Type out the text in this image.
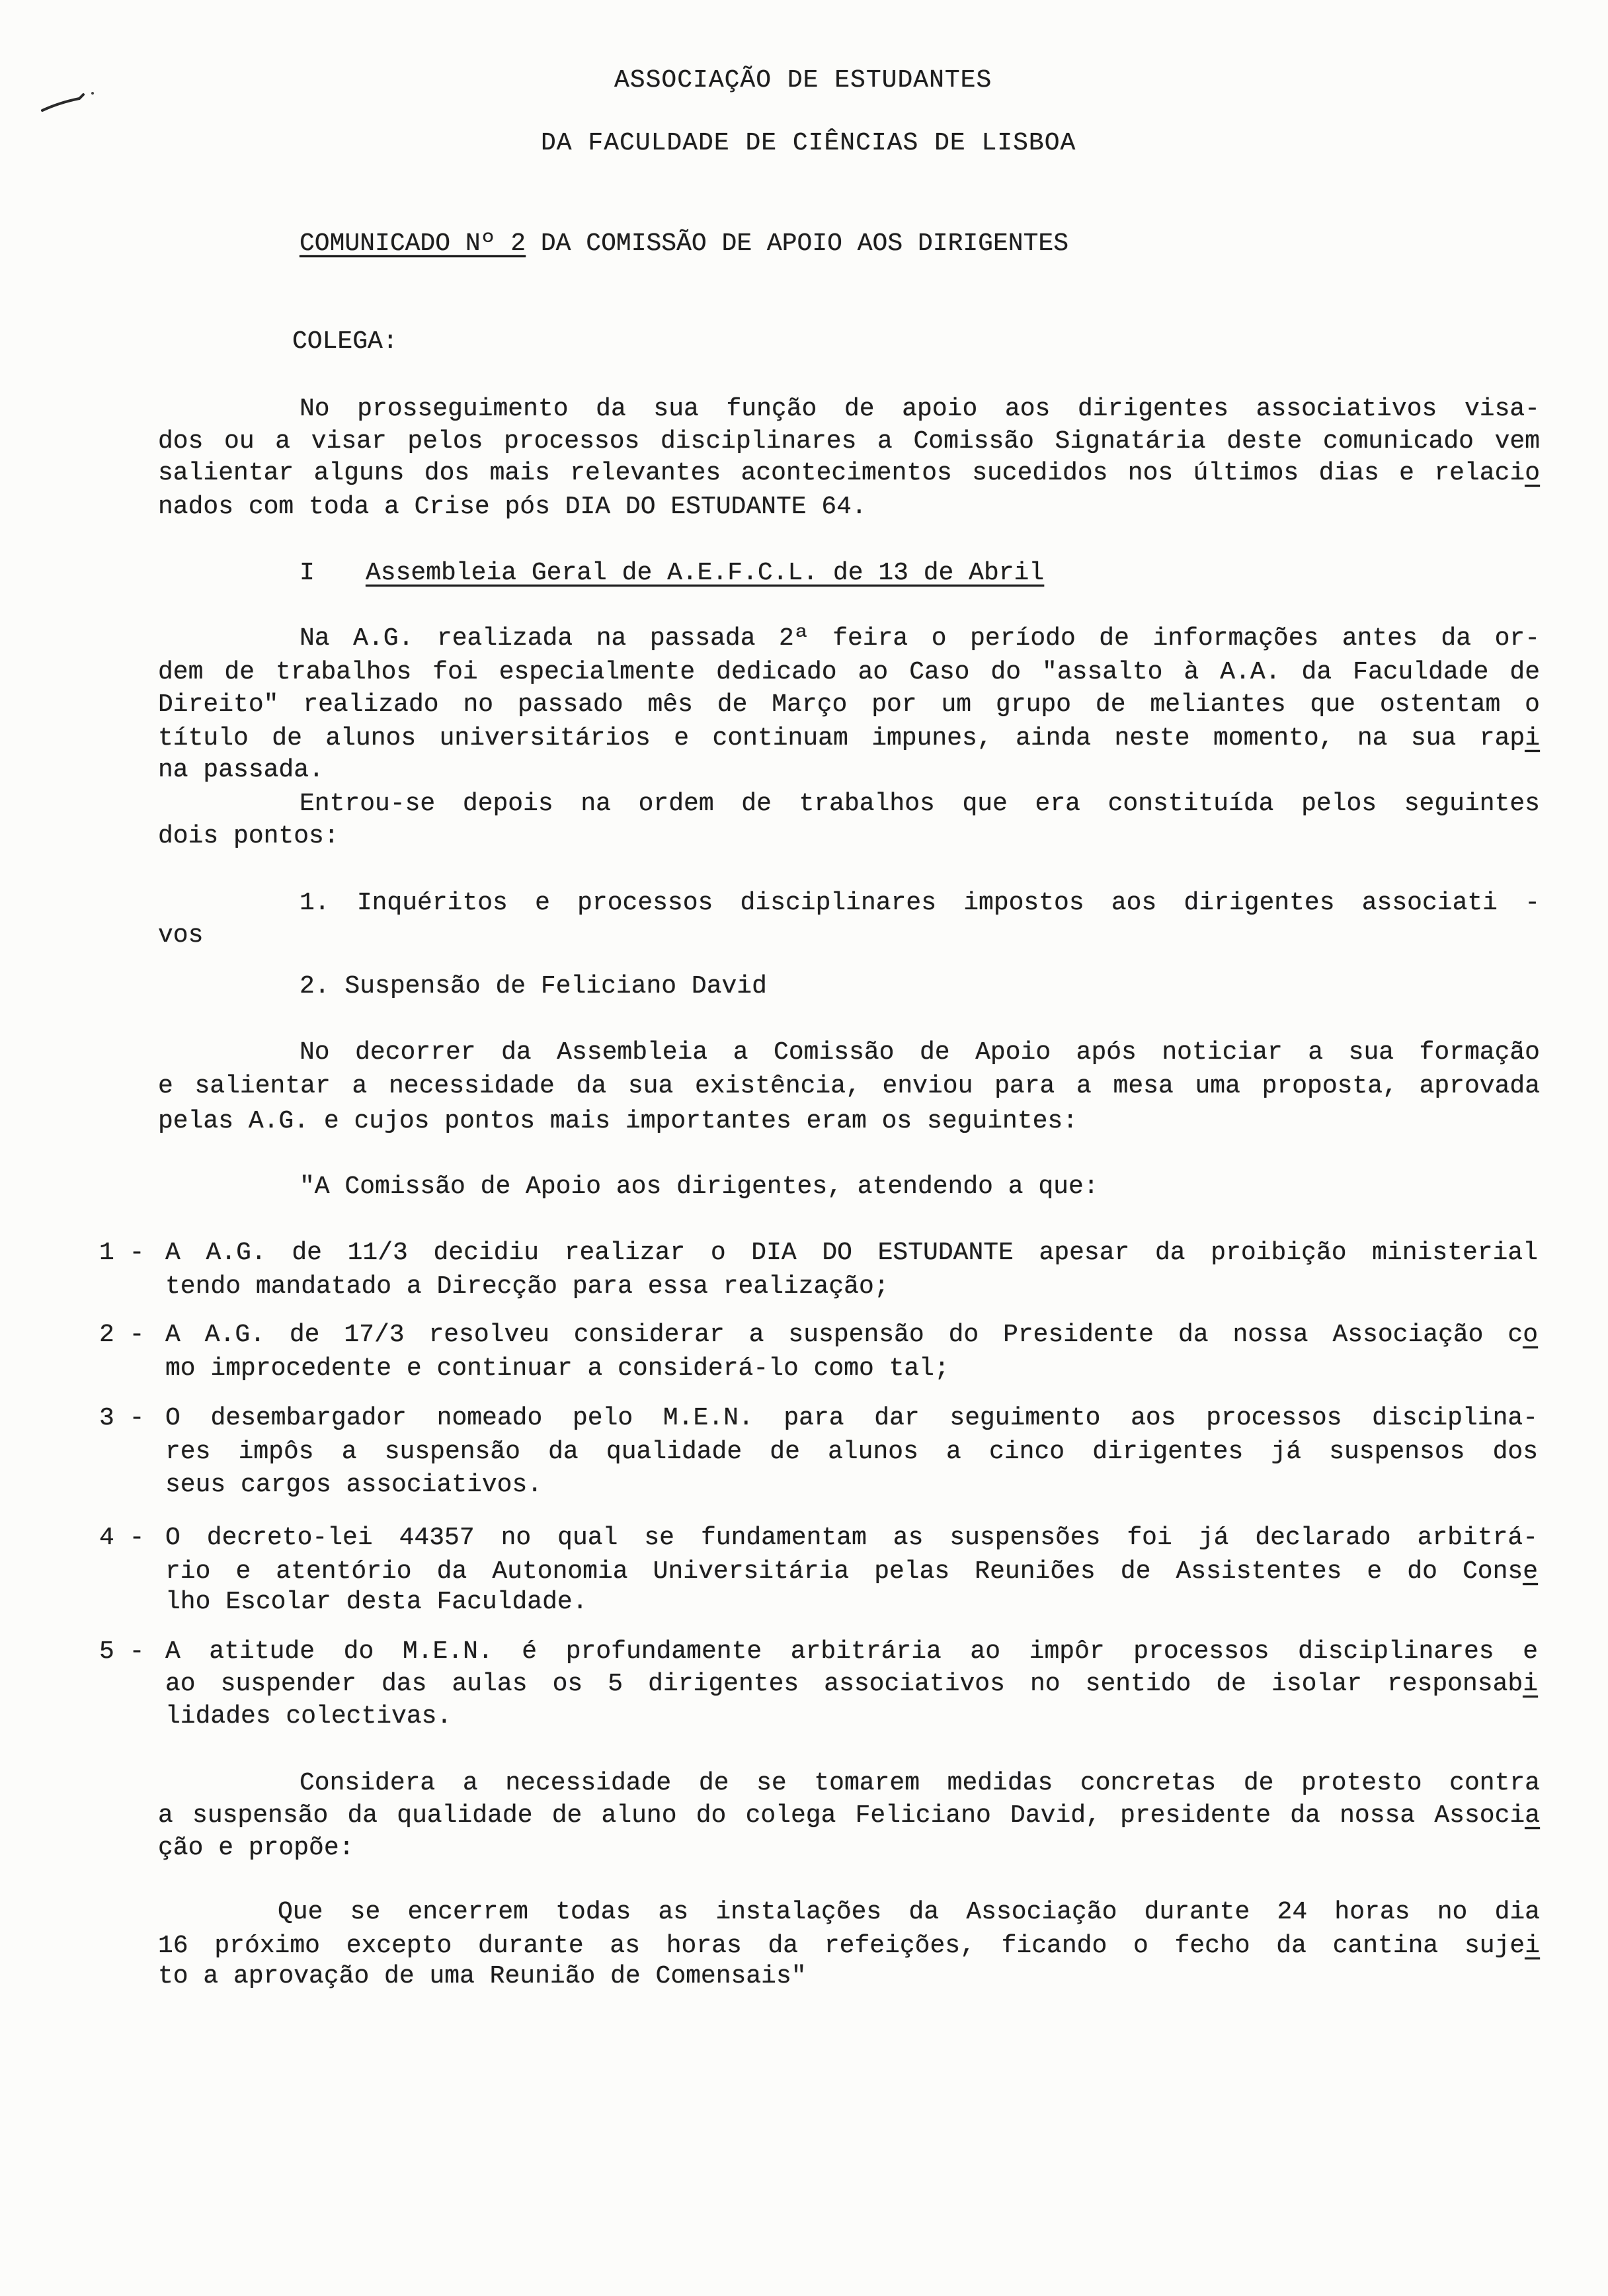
ASSOCIAÇÃO DE ESTUDANTES
DA FACULDADE DE CIÊNCIAS DE LISBOA
COMUNICADO Nº 2 DA COMISSÃO DE APOIO AOS DIRIGENTES
COLEGA:
No prosseguimento da sua função de apoio aos dirigentes associativos visa-
dos ou a visar pelos processos disciplinares a Comissão Signatária deste comunicado vem
salientar alguns dos mais relevantes acontecimentos sucedidos nos últimos dias e relacio
nados com toda a Crise pós DIA DO ESTUDANTE 64.
I Assembleia Geral de A.E.F.C.L. de 13 de Abril
Na A.G. realizada na passada 2ª feira o período de informações antes da or-
dem de trabalhos foi especialmente dedicado ao Caso do "assalto à A.A. da Faculdade de
Direito" realizado no passado mês de Março por um grupo de meliantes que ostentam o
título de alunos universitários e continuam impunes, ainda neste momento, na sua rapi
na passada.
Entrou-se depois na ordem de trabalhos que era constituída pelos seguintes
dois pontos:
1. Inquéritos e processos disciplinares impostos aos dirigentes associati -
vos
2. Suspensão de Feliciano David
No decorrer da Assembleia a Comissão de Apoio após noticiar a sua formação
e salientar a necessidade da sua existência, enviou para a mesa uma proposta, aprovada
pelas A.G. e cujos pontos mais importantes eram os seguintes:
"A Comissão de Apoio aos dirigentes, atendendo a que:
1 - A A.G. de 11/3 decidiu realizar o DIA DO ESTUDANTE apesar da proibição ministerial
tendo mandatado a Direcção para essa realização;
2 - A A.G. de 17/3 resolveu considerar a suspensão do Presidente da nossa Associação co
mo improcedente e continuar a considerá-lo como tal;
3 - O desembargador nomeado pelo M.E.N. para dar seguimento aos processos disciplina-
res impôs a suspensão da qualidade de alunos a cinco dirigentes já suspensos dos
seus cargos associativos.
4 - O decreto-lei 44357 no qual se fundamentam as suspensões foi já declarado arbitrá-
rio e atentório da Autonomia Universitária pelas Reuniões de Assistentes e do Conse
lho Escolar desta Faculdade.
5 - A atitude do M.E.N. é profundamente arbitrária ao impôr processos disciplinares e
ao suspender das aulas os 5 dirigentes associativos no sentido de isolar responsabi
lidades colectivas.
Considera a necessidade de se tomarem medidas concretas de protesto contra
a suspensão da qualidade de aluno do colega Feliciano David, presidente da nossa Associa
ção e propõe:
Que se encerrem todas as instalações da Associação durante 24 horas no dia
16 próximo excepto durante as horas da refeições, ficando o fecho da cantina sujei
to a aprovação de uma Reunião de Comensais"
